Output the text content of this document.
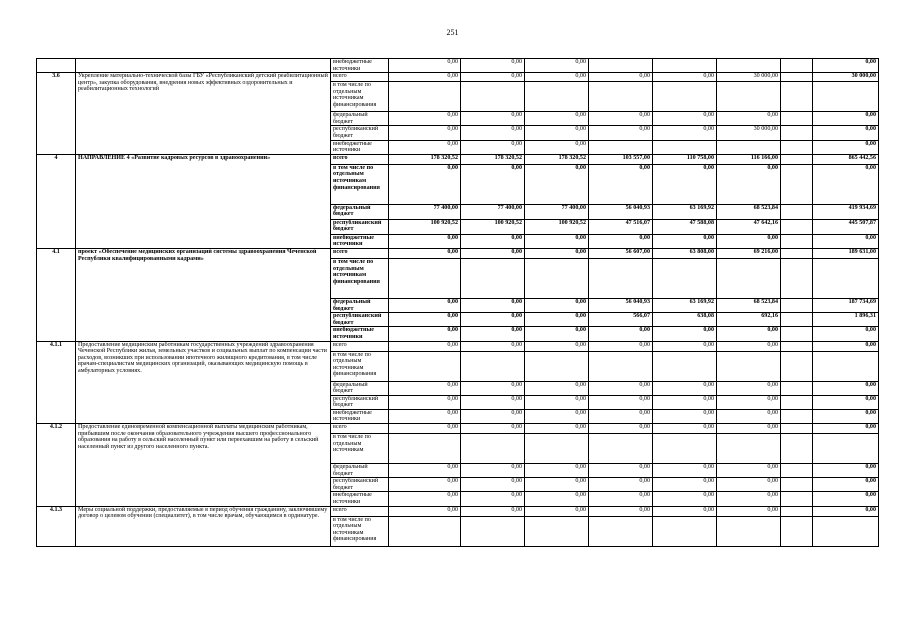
251
		внебюджетные источники	0,00	0,00	0,00					0,00
3.6	Укрепление материально-технической базы ГБУ «Республиканский детский реабилитационный центр», закупка оборудования, внедрения новых эффективных оздоровительных и реабилитационных технологий	всего	0,00	0,00	0,00	0,00	0,00	30 000,00		30 000,00
		в том числе по отдельным источникам финансирования								
		федеральный бюджет	0,00	0,00	0,00	0,00	0,00	0,00		0,00
		республиканский бюджет	0,00	0,00	0,00	0,00	0,00	30 000,00		0,00
		внебюджетные источники	0,00	0,00	0,00					0,00
4	НАПРАВЛЕНИЕ 4 «Развитие кадровых ресурсов в здравоохранении»	всего	178 320,52	178 320,52	178 320,52	103 557,00	110 758,00	116 166,00		865 442,56
		в том числе по отдельным источникам финансирования	0,00	0,00	0,00	0,00	0,00	0,00		0,00
		федеральный бюджет	77 400,00	77 400,00	77 400,00	56 040,93	63 169,92	68 523,84		419 934,69
		республиканский бюджет	100 920,52	100 920,52	100 920,52	47 516,07	47 588,08	47 642,16		445 507,87
		внебюджетные источники	0,00	0,00	0,00	0,00	0,00	0,00		0,00
4.1	проект «Обеспечение медицинских организаций системы здравоохранения Чеченской Республики квалифицированными кадрами»	всего	0,00	0,00	0,00	56 607,00	63 808,00	69 216,00		189 631,00
		в том числе по отдельным источникам финансирования								
		федеральный бюджет	0,00	0,00	0,00	56 040,93	63 169,92	68 523,84		187 734,69
		республиканский бюджет	0,00	0,00	0,00	566,07	638,08	692,16		1 896,31
		внебюджетные источники	0,00	0,00	0,00	0,00	0,00	0,00		0,00
4.1.1	Предоставление медицинским работникам государственных учреждений здравоохранения Чеченской Республики жилья, земельных участков и социальных выплат по компенсации части расходов, возникших при использовании ипотечного жилищного кредитования, в том числе врачам-специалистам медицинских организаций, оказывающих медицинскую помощь в амбулаторных условиях.	всего	0,00	0,00	0,00	0,00	0,00	0,00		0,00
		в том числе по отдельным источникам финансирования								
		федеральный бюджет	0,00	0,00	0,00	0,00	0,00	0,00		0,00
		республиканский бюджет	0,00	0,00	0,00	0,00	0,00	0,00		0,00
		внебюджетные источники	0,00	0,00	0,00	0,00	0,00	0,00		0,00
4.1.2	Предоставление единовременной компенсационной выплаты медицинским работникам, прибывшим после окончания образовательного учреждения высшего профессионального образования на работу в сельский населенный пункт или переехавшим на работу в сельский населенный пункт из другого населенного пункта.	всего	0,00	0,00	0,00	0,00	0,00	0,00		0,00
		в том числе по отдельным источникам								
		федеральный бюджет	0,00	0,00	0,00	0,00	0,00	0,00		0,00
		республиканский бюджет	0,00	0,00	0,00	0,00	0,00	0,00		0,00
		внебюджетные источники	0,00	0,00	0,00	0,00	0,00	0,00		0,00
4.1.3	Меры социальной поддержки, предоставляемые в период обучения гражданину, заключившему договор о целевом обучении (специалитет), в том числе врачам, обучающимся в ординатуре.	всего	0,00	0,00	0,00	0,00	0,00	0,00		0,00
		в том числе по отдельным источникам финансирования								
